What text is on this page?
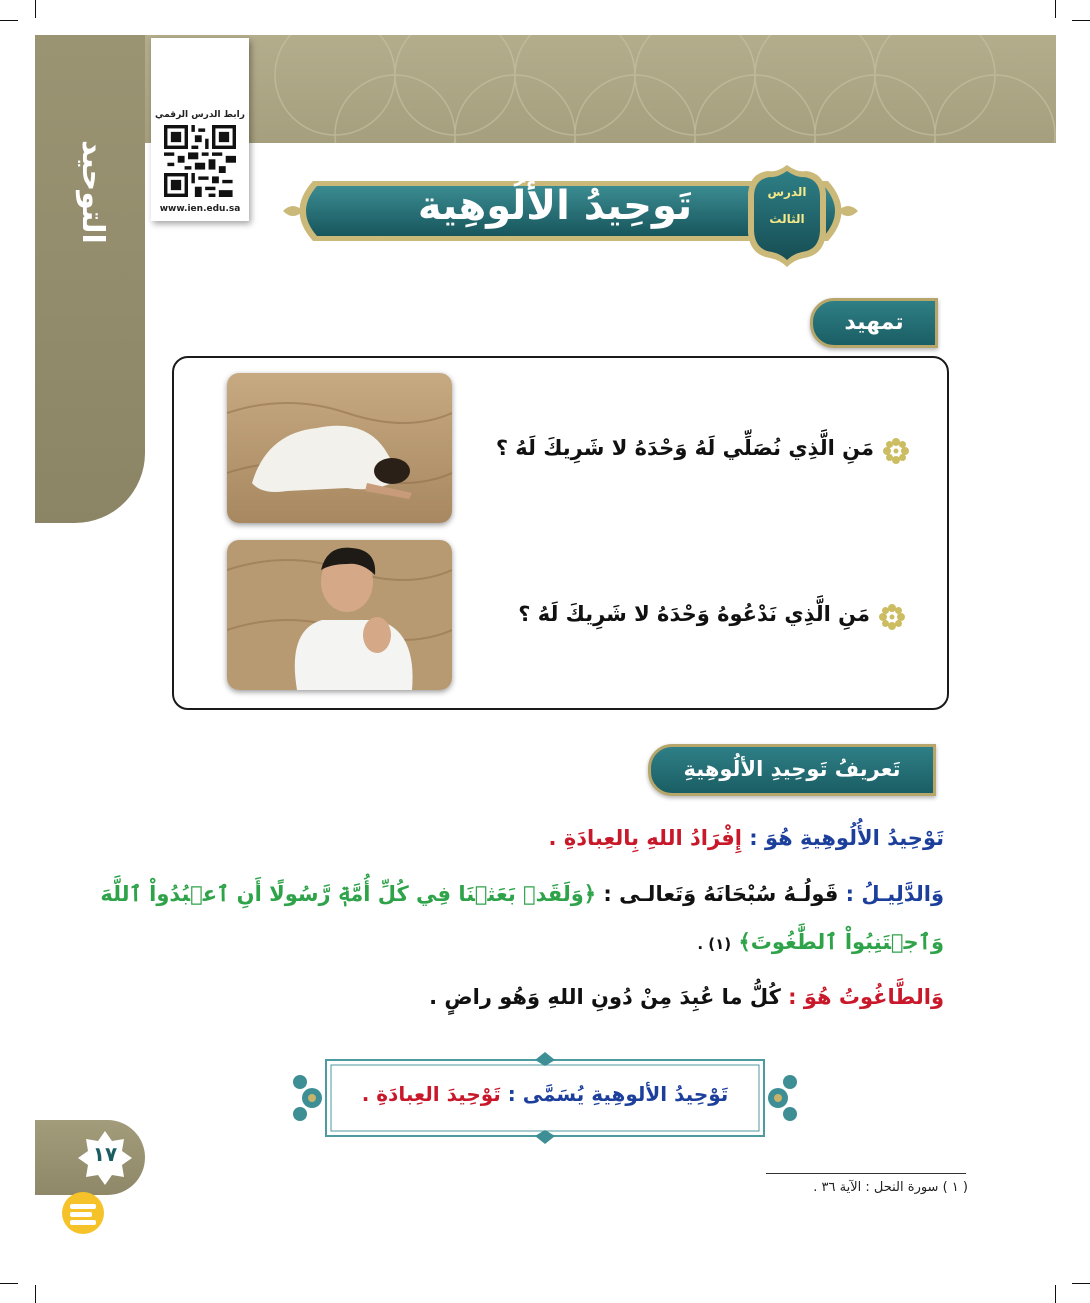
التوحيد
رابط الدرس الرقمي
www.ien.edu.sa	تَوحِيدُ الألُوهِية	الدرس
الثالث
تمهيد
مَنِ الَّذِي نُصَلِّي لَهُ وَحْدَهُ لا شَرِيكَ لَهُ ؟
مَنِ الَّذِي نَدْعُوهُ وَحْدَهُ لا شَرِيكَ لَهُ ؟
تَعريفُ تَوحِيدِ الألُوهِيةِ
تَوْحِيدُ الأُلُوهِيةِ هُوَ : إِفْرَادُ اللهِ بِالعِبادَةِ .
وَالدَّلِيـلُ : قَولُـهُ سُبْحَانَهُ وَتَعالـى : ﴿وَلَقَدۡ بَعَثۡنَا فِي كُلِّ أُمَّةٖ رَّسُولًا أَنِ ٱعۡبُدُواْ ٱللَّهَ
وَٱجۡتَنِبُواْ ٱلطَّٰغُوتَ﴾ (١) .
وَالطَّاغُوتُ هُوَ : كُلُّ ما عُبِدَ مِنْ دُونِ اللهِ وَهُو راضٍ .
تَوْحِيدُ الألوهِيةِ يُسَمَّى : تَوْحِيدَ العِبادَةِ .
١٧
( ١ ) سورة النحل : الآية ٣٦ .
